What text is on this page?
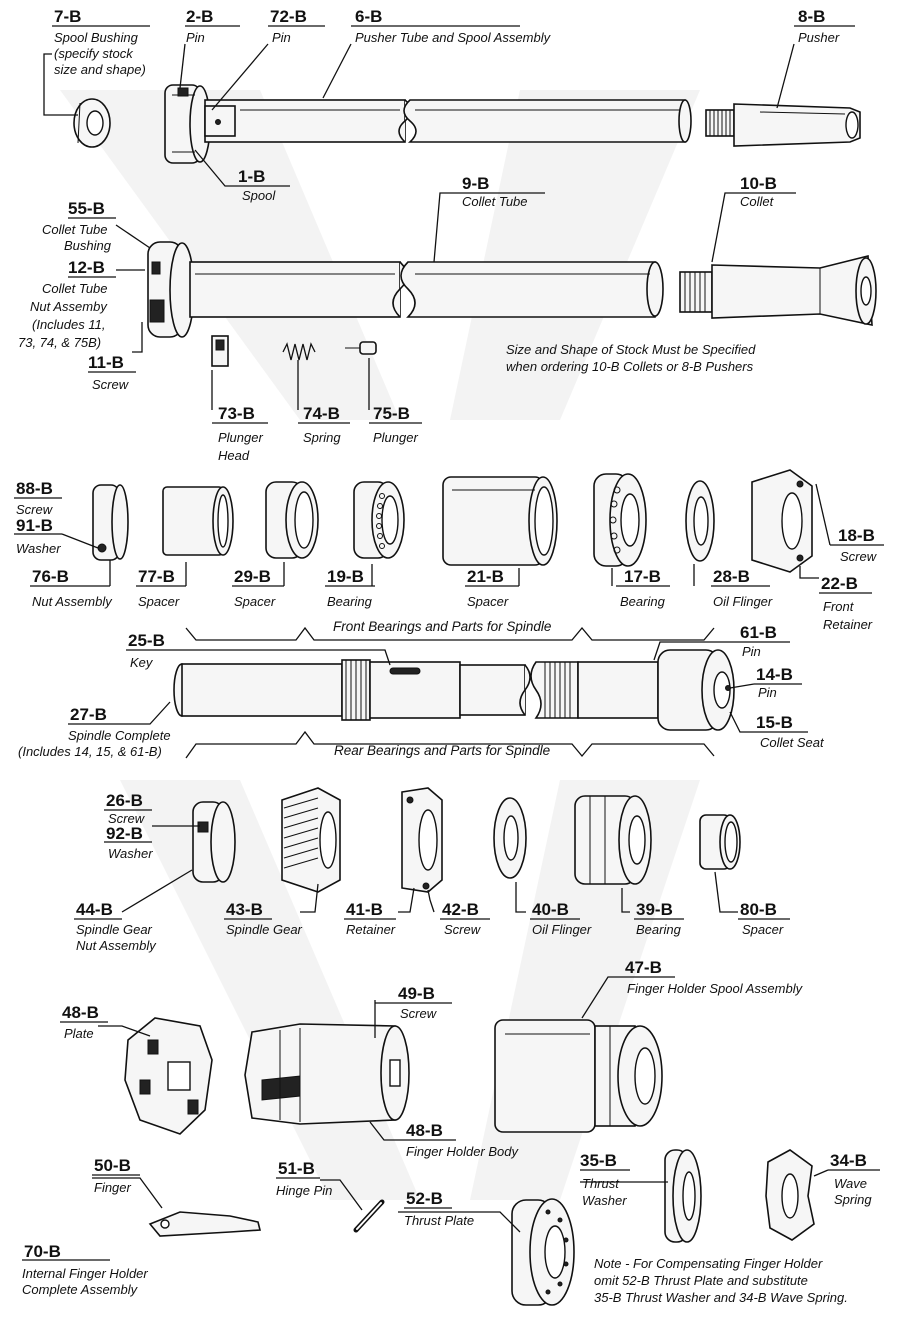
7-B
Spool Bushing
(specify stock
size and shape)
2-B
Pin
72-B
Pin
6-B
Pusher Tube and Spool Assembly
8-B
Pusher
1-B
Spool
55-B
Collet Tube
Bushing
9-B
Collet Tube
10-B
Collet
12-B
Collet Tube
Nut Assemby
(Includes 11,
73, 74, & 75B)
11-B
Screw
73-B
Plunger
Head
74-B
Spring
75-B
Plunger
88-B
Screw
91-B
Washer
76-B
Nut Assembly
77-B
Spacer
29-B
Spacer
19-B
Bearing
21-B
Spacer
17-B
Bearing
28-B
Oil Flinger
18-B
Screw
22-B
Front
Retainer
25-B
Key
61-B
Pin
14-B
Pin
27-B
Spindle Complete
(Includes 14, 15, & 61-B)
15-B
Collet Seat
26-B
Screw
92-B
Washer
44-B
Spindle Gear
Nut Assembly
43-B
Spindle Gear
41-B
Retainer
42-B
Screw
40-B
Oil Flinger
39-B
Bearing
80-B
Spacer
47-B
Finger Holder Spool Assembly
48-B
Plate
49-B
Screw
48-B
Finger Holder Body
50-B
Finger
51-B
Hinge Pin	52-B
Thrust Plate
35-B
Thrust
Washer
34-B
Wave
Spring
70-B
Internal Finger Holder
Complete Assembly
Front Bearings and Parts for Spindle
Rear Bearings and Parts for Spindle
Size and Shape of Stock Must be Specified
when ordering 10-B Collets or 8-B Pushers
Note - For Compensating Finger Holder
omit 52-B Thrust Plate and substitute
35-B Thrust Washer and 34-B Wave Spring.
